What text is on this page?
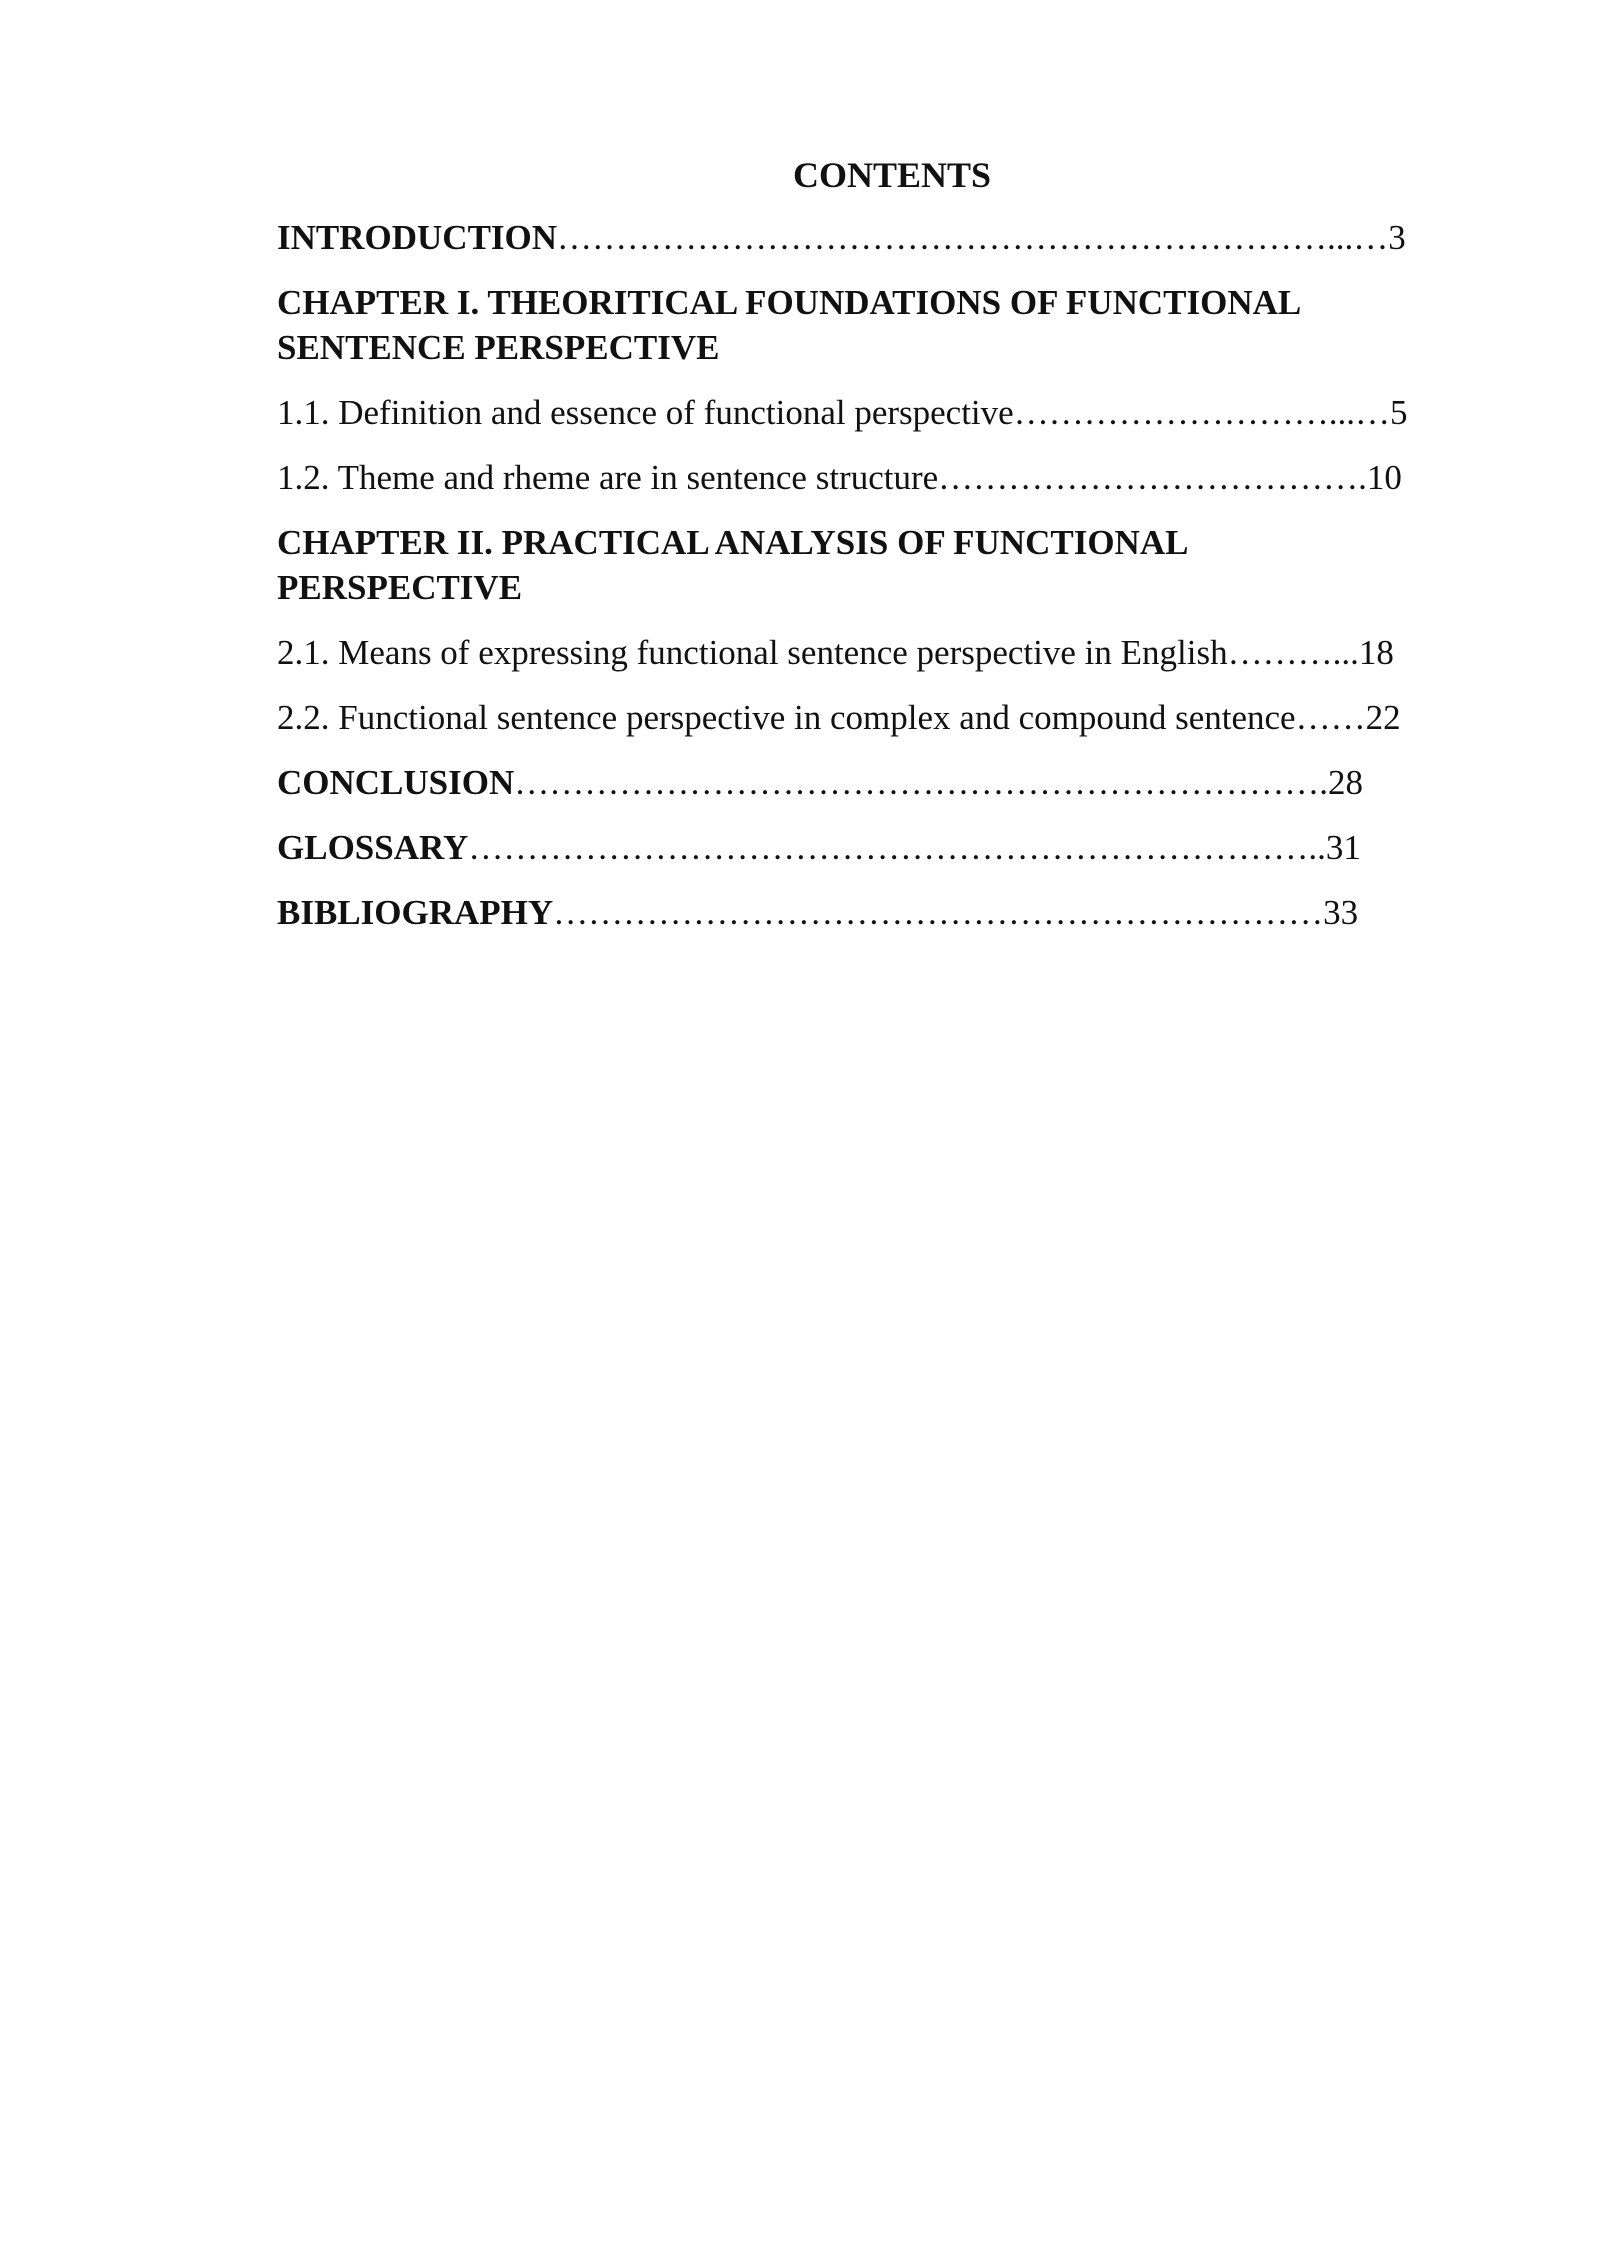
CONTENTS
INTRODUCTION…………………………………………………………...…3
CHAPTER I. THEORITICAL FOUNDATIONS OF FUNCTIONAL
SENTENCE PERSPECTIVE
1.1. Definition and essence of functional perspective………………………...…5
1.2. Theme and rheme are in sentence structure……………………………….10
CHAPTER II. PRACTICAL ANALYSIS OF FUNCTIONAL
PERSPECTIVE
2.1. Means of expressing functional sentence perspective in English………...18
2.2. Functional sentence perspective in complex and compound sentence……22
CONCLUSION…………………………………………………………….28
GLOSSARY………………………………………………………………..31
BIBLIOGRAPHY…………………………………………………………33
